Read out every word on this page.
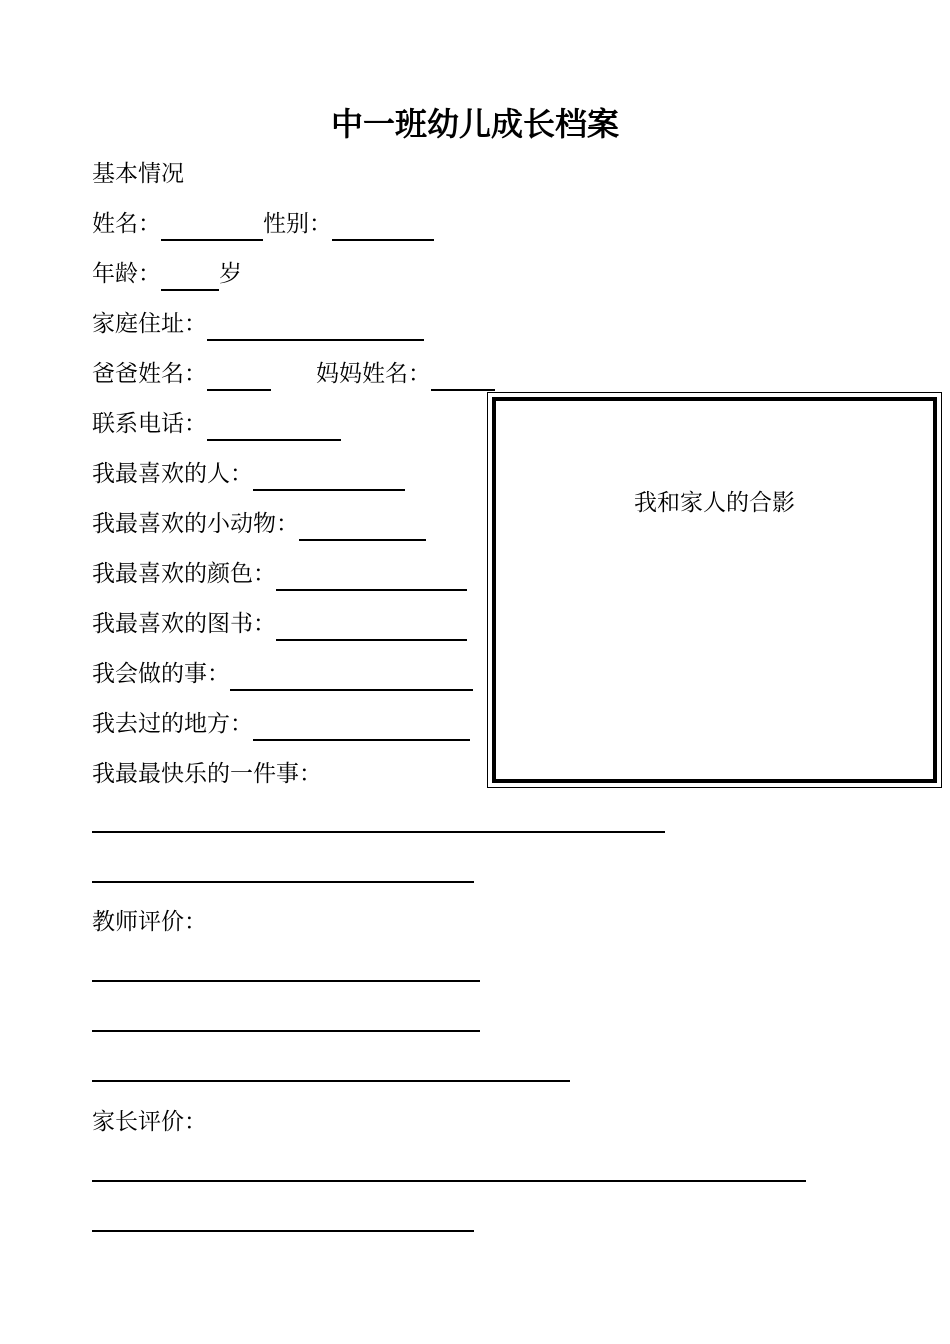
中一班幼儿成长档案
基本情况
姓名：	性别：
年龄：	岁
家庭住址：
爸爸姓名：	妈妈姓名：
联系电话：
我最喜欢的人：
我最喜欢的小动物：
我最喜欢的颜色：
我最喜欢的图书：
我会做的事：
我去过的地方：
我最最快乐的一件事：
教师评价：
家长评价：
我和家人的合影
